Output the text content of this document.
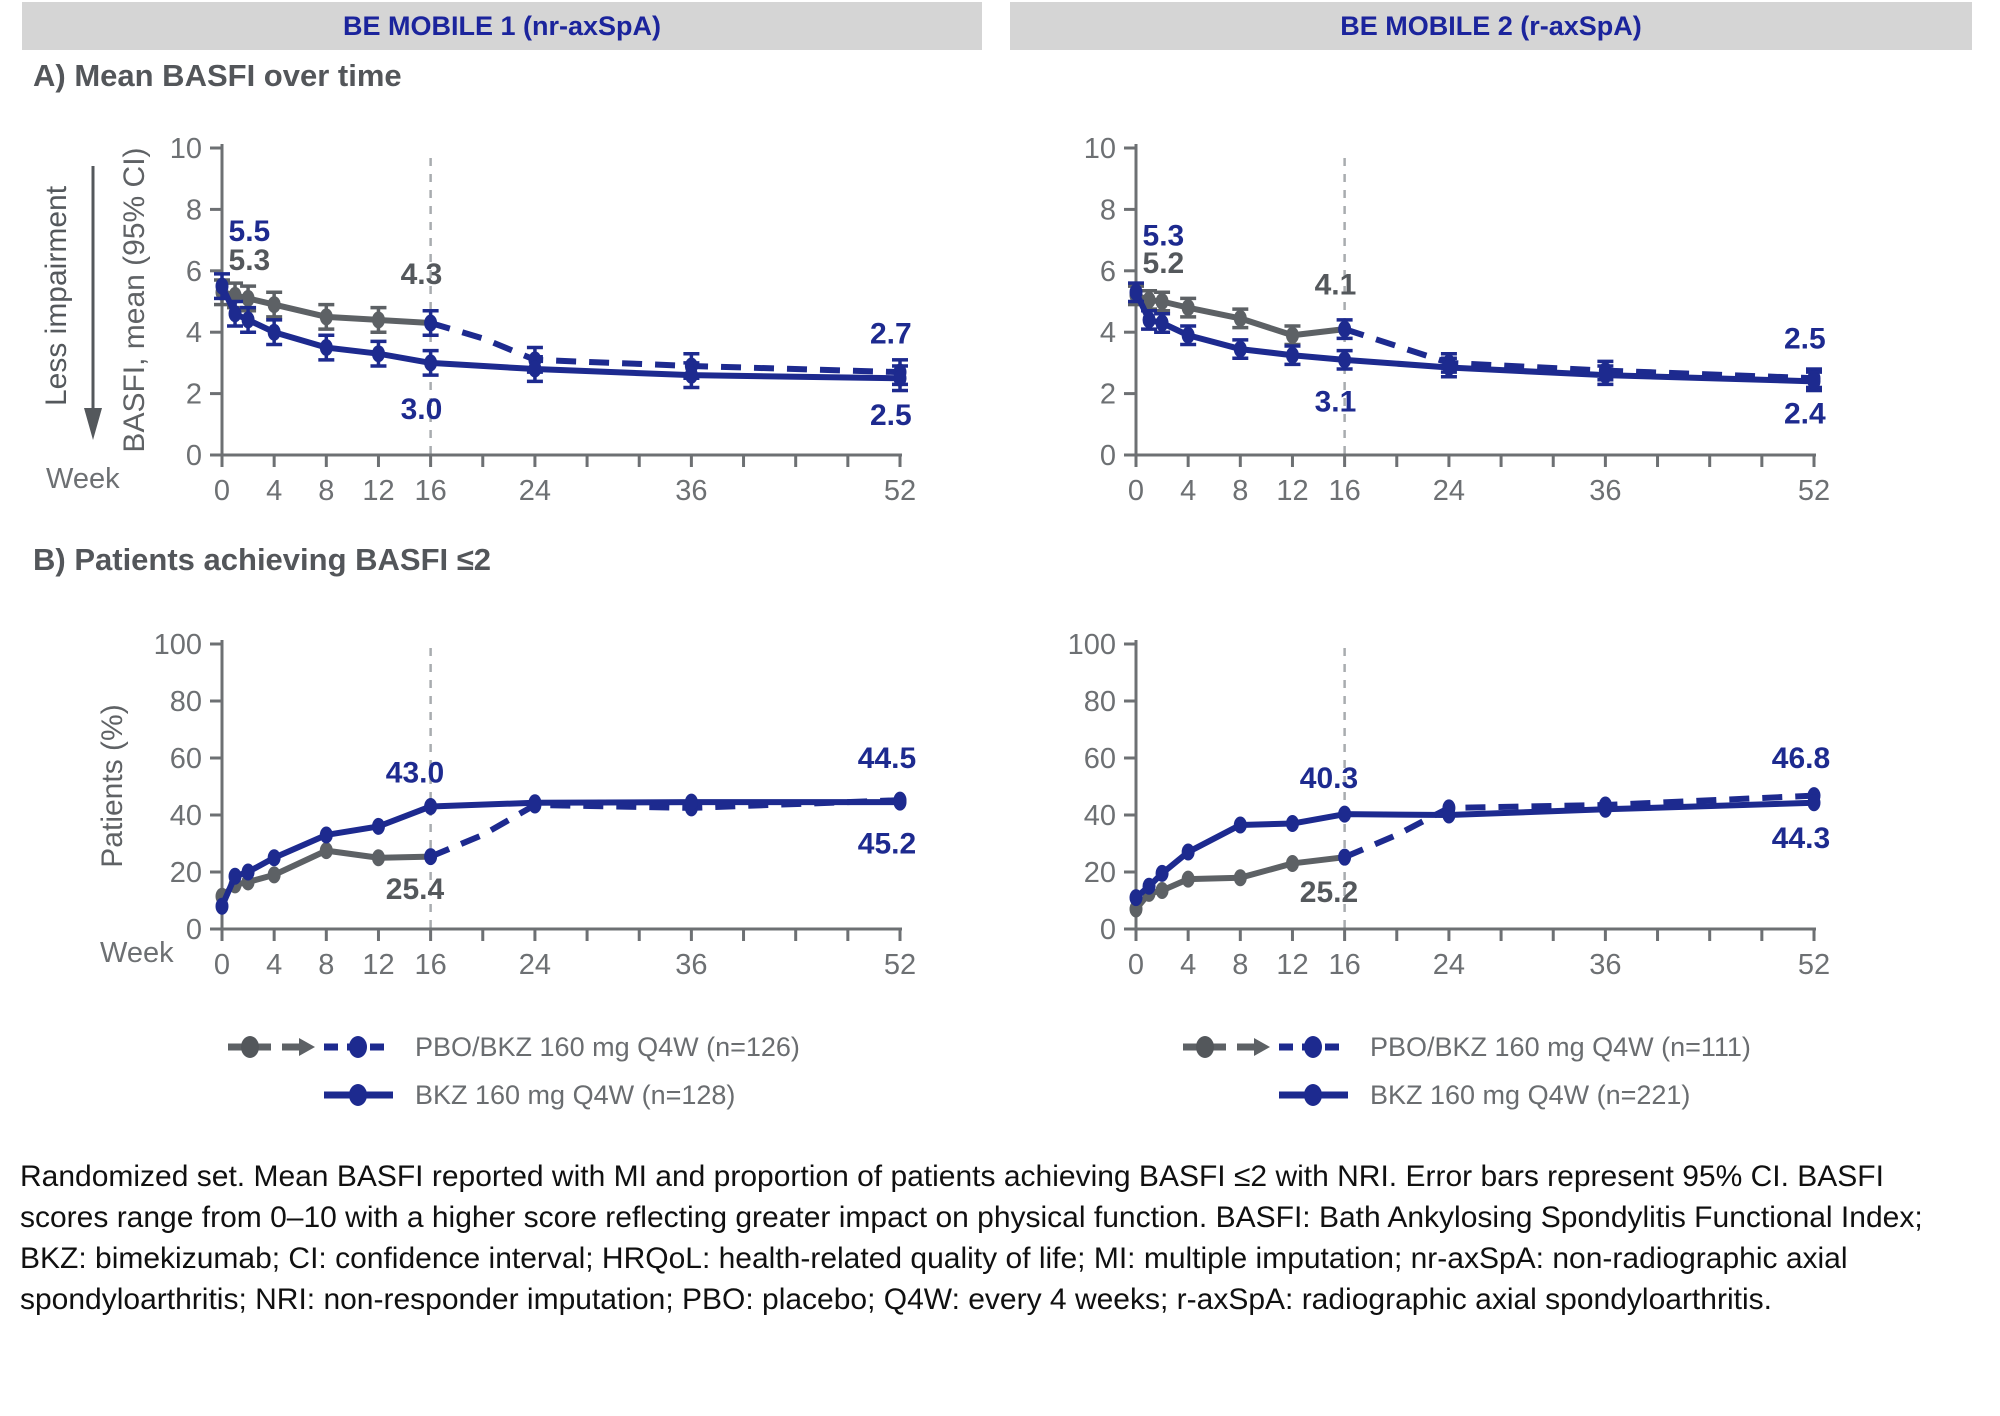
BE MOBILE 1 (nr-axSpA)	BE MOBILE 2 (r-axSpA)
A) Mean BASFI over time
B) Patients achieving BASFI ≤2
Less impairment BASFI, mean (95% CI)
Patients (%)
Week
Week
0 4 8 12 16 24	36	52
0
2
4
6
8
10
5.5
5.3	4.3
3.0
2.7
2.5
0 4 8 12 16 24	36	52
0
2
4
6
8
10
5.3
5.2
4.1
3.1
2.5
2.4
0 4 8 12 16 24	36	52
0
20
40
60
80
100
43.0
25.4
44.5
45.2
0 4 8 12 16 24	36	52
0
20
40
60
80
100
40.3
25.2
46.8
44.3
PBO/BKZ 160 mg Q4W (n=126)
BKZ 160 mg Q4W (n=128)
PBO/BKZ 160 mg Q4W (n=111)
BKZ 160 mg Q4W (n=221)
Randomized set. Mean BASFI reported with MI and proportion of patients achieving BASFI ≤2 with NRI. Error bars represent 95% CI. BASFI scores range from 0–10 with a higher score reflecting greater impact on physical function. BASFI: Bath Ankylosing Spondylitis Functional Index; BKZ: bimekizumab; CI: confidence interval; HRQoL: health-related quality of life; MI: multiple imputation; nr-axSpA: non-radiographic axial spondyloarthritis; NRI: non-responder imputation; PBO: placebo; Q4W: every 4 weeks; r-axSpA: radiographic axial spondyloarthritis.
